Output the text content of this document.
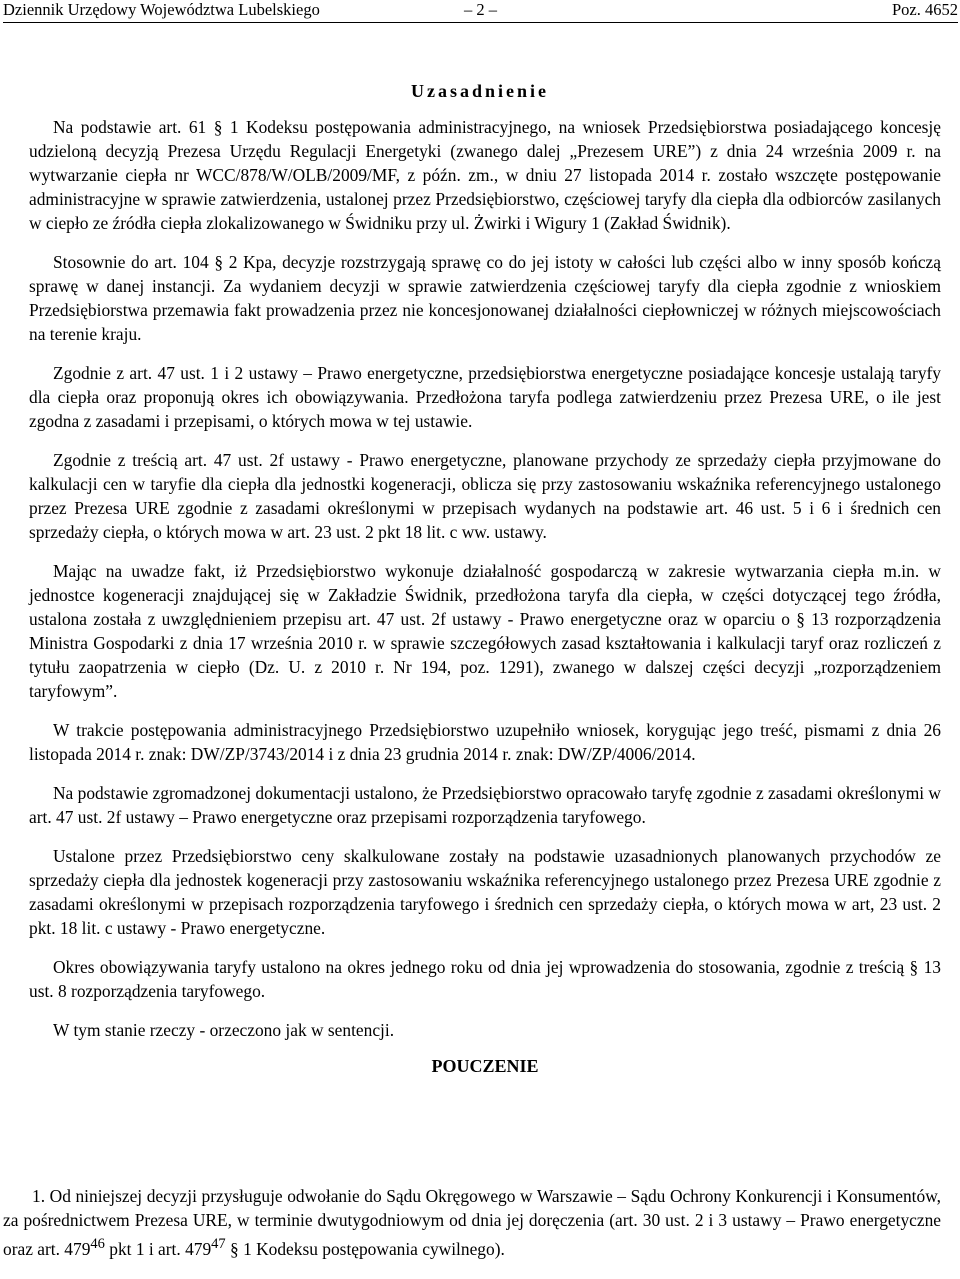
Dziennik Urzędowy Województwa Lubelskiego	– 2 –	Poz. 4652
Uzasadnienie

Na podstawie art. 61 § 1 Kodeksu postępowania administracyjnego, na wniosek Przedsiębiorstwa posiadającego koncesję udzieloną decyzją Prezesa Urzędu Regulacji Energetyki (zwanego dalej „Prezesem URE”) z dnia 24 września 2009 r. na wytwarzanie ciepła nr WCC/878/W/OLB/2009/MF, z późn. zm., w dniu 27 listopada 2014 r. zostało wszczęte postępowanie administracyjne w sprawie zatwierdzenia, ustalonej przez Przedsiębiorstwo, częściowej taryfy dla ciepła dla odbiorców zasilanych w ciepło ze źródła ciepła zlokalizowanego w Świdniku przy ul. Żwirki i Wigury 1 (Zakład Świdnik).

Stosownie do art. 104 § 2 Kpa, decyzje rozstrzygają sprawę co do jej istoty w całości lub części albo w inny sposób kończą sprawę w danej instancji. Za wydaniem decyzji w sprawie zatwierdzenia częściowej taryfy dla ciepła zgodnie z wnioskiem Przedsiębiorstwa przemawia fakt prowadzenia przez nie koncesjonowanej działalności ciepłowniczej w różnych miejscowościach na terenie kraju.

Zgodnie z art. 47 ust. 1 i 2 ustawy – Prawo energetyczne, przedsiębiorstwa energetyczne posiadające koncesje ustalają taryfy dla ciepła oraz proponują okres ich obowiązywania. Przedłożona taryfa podlega zatwierdzeniu przez Prezesa URE, o ile jest zgodna z zasadami i przepisami, o których mowa w tej ustawie.

Zgodnie z treścią art. 47 ust. 2f ustawy - Prawo energetyczne, planowane przychody ze sprzedaży ciepła przyjmowane do kalkulacji cen w taryfie dla ciepła dla jednostki kogeneracji, oblicza się przy zastosowaniu wskaźnika referencyjnego ustalonego przez Prezesa URE zgodnie z zasadami określonymi w przepisach wydanych na podstawie art. 46 ust. 5 i 6 i średnich cen sprzedaży ciepła, o których mowa w art. 23 ust. 2 pkt 18 lit. c ww. ustawy.

Mając na uwadze fakt, iż Przedsiębiorstwo wykonuje działalność gospodarczą w zakresie wytwarzania ciepła m.in. w jednostce kogeneracji znajdującej się w Zakładzie Świdnik, przedłożona taryfa dla ciepła, w części dotyczącej tego źródła, ustalona została z uwzględnieniem przepisu art. 47 ust. 2f ustawy - Prawo energetyczne oraz w oparciu o § 13 rozporządzenia Ministra Gospodarki z dnia 17 września 2010 r. w sprawie szczegółowych zasad kształtowania i kalkulacji taryf oraz rozliczeń z tytułu zaopatrzenia w ciepło (Dz. U. z 2010 r. Nr 194, poz. 1291), zwanego w dalszej części decyzji „rozporządzeniem taryfowym”.

W trakcie postępowania administracyjnego Przedsiębiorstwo uzupełniło wniosek, korygując jego treść, pismami z dnia 26 listopada 2014 r. znak: DW/ZP/3743/2014 i z dnia 23 grudnia 2014 r. znak: DW/ZP/4006/2014.

Na podstawie zgromadzonej dokumentacji ustalono, że Przedsiębiorstwo opracowało taryfę zgodnie z zasadami określonymi w art. 47 ust. 2f ustawy – Prawo energetyczne oraz przepisami rozporządzenia taryfowego.

Ustalone przez Przedsiębiorstwo ceny skalkulowane zostały na podstawie uzasadnionych planowanych przychodów ze sprzedaży ciepła dla jednostek kogeneracji przy zastosowaniu wskaźnika referencyjnego ustalonego przez Prezesa URE zgodnie z zasadami określonymi w przepisach rozporządzenia taryfowego i średnich cen sprzedaży ciepła, o których mowa w art, 23 ust. 2 pkt. 18 lit. c ustawy - Prawo energetyczne.

Okres obowiązywania taryfy ustalono na okres jednego roku od dnia jej wprowadzenia do stosowania, zgodnie z treścią § 13 ust. 8 rozporządzenia taryfowego.

W tym stanie rzeczy - orzeczono jak w sentencji.

POUCZENIE

1. Od niniejszej decyzji przysługuje odwołanie do Sądu Okręgowego w Warszawie – Sądu Ochrony Konkurencji i Konsumentów, za pośrednictwem Prezesa URE, w terminie dwutygodniowym od dnia jej doręczenia (art. 30 ust. 2 i 3 ustawy – Prawo energetyczne oraz art. $479^{46}$ pkt 1 i art. $479^{47}$ § 1 Kodeksu postępowania cywilnego).
